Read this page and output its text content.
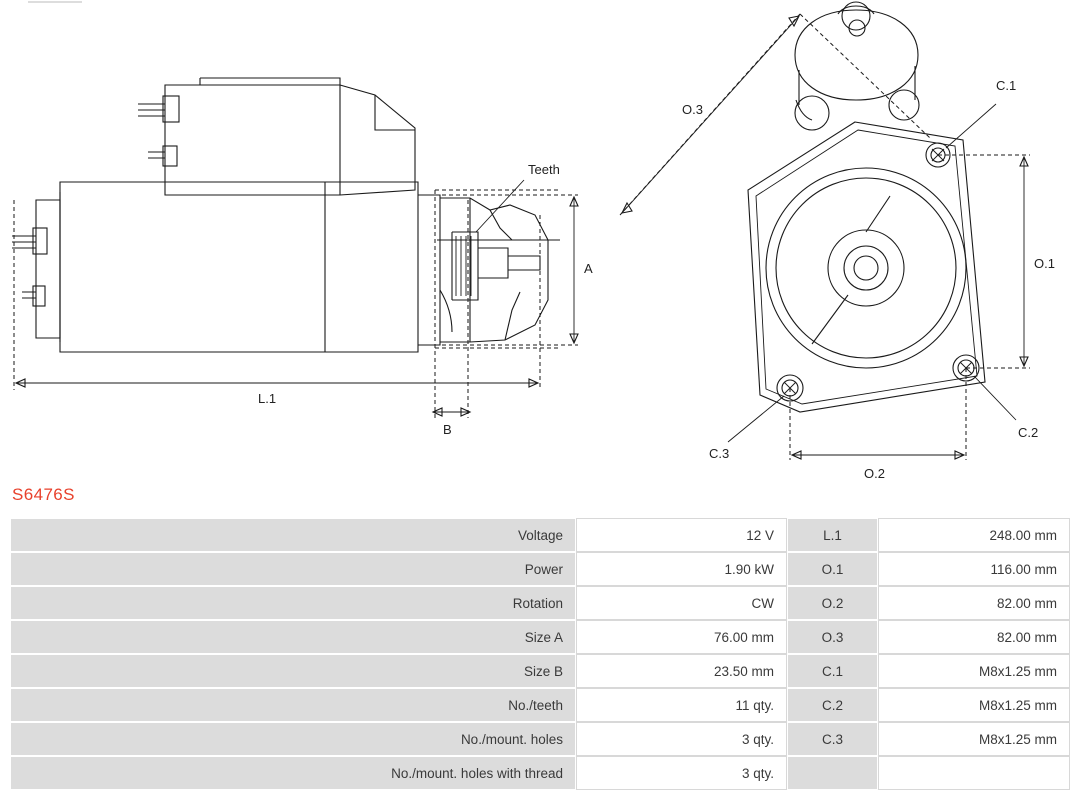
Teeth
A
L.1
B
O.1
O.2
O.3
C.1
C.2
C.3
S6476S
Voltage	12 V	L.1	248.00 mm
Power	1.90 kW	O.1	116.00 mm
Rotation	CW	O.2	82.00 mm
Size A	76.00 mm	O.3	82.00 mm
Size B	23.50 mm	C.1	M8x1.25 mm
No./teeth	11 qty.	C.2	M8x1.25 mm
No./mount. holes	3 qty.	C.3	M8x1.25 mm
No./mount. holes with thread	3 qty.		
